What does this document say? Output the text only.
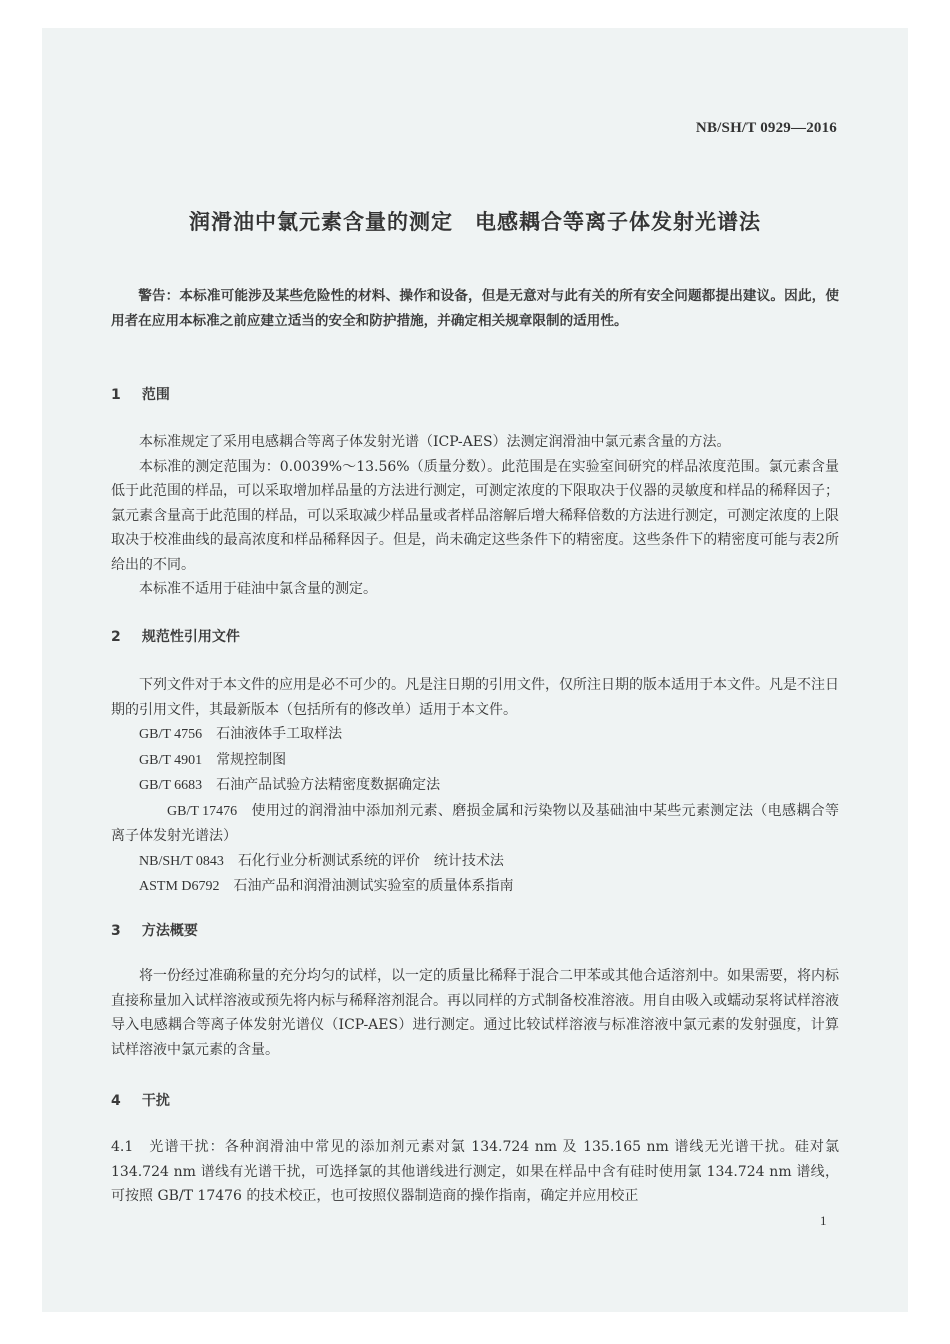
NB/SH/T 0929—2016
润滑油中氯元素含量的测定　电感耦合等离子体发射光谱法

警告：本标准可能涉及某些危险性的材料、操作和设备，但是无意对与此有关的所有安全问题都提出建议。因此，使用者在应用本标准之前应建立适当的安全和防护措施，并确定相关规章限制的适用性。

1 范围

本标准规定了采用电感耦合等离子体发射光谱（ICP-AES）法测定润滑油中氯元素含量的方法。

本标准的测定范围为：0.0039%～13.56%（质量分数）。此范围是在实验室间研究的样品浓度范围。氯元素含量低于此范围的样品，可以采取增加样品量的方法进行测定，可测定浓度的下限取决于仪器的灵敏度和样品的稀释因子；氯元素含量高于此范围的样品，可以采取减少样品量或者样品溶解后增大稀释倍数的方法进行测定，可测定浓度的上限取决于校准曲线的最高浓度和样品稀释因子。但是，尚未确定这些条件下的精密度。这些条件下的精密度可能与表2所给出的不同。

本标准不适用于硅油中氯含量的测定。

2 规范性引用文件

下列文件对于本文件的应用是必不可少的。凡是注日期的引用文件，仅所注日期的版本适用于本文件。凡是不注日期的引用文件，其最新版本（包括所有的修改单）适用于本文件。

GB/T 4756 石油液体手工取样法

GB/T 4901 常规控制图

GB/T 6683 石油产品试验方法精密度数据确定法

GB/T 17476 使用过的润滑油中添加剂元素、磨损金属和污染物以及基础油中某些元素测定法（电感耦合等离子体发射光谱法）

NB/SH/T 0843 石化行业分析测试系统的评价　统计技术法

ASTM D6792 石油产品和润滑油测试实验室的质量体系指南

3 方法概要

将一份经过准确称量的充分均匀的试样，以一定的质量比稀释于混合二甲苯或其他合适溶剂中。如果需要，将内标直接称量加入试样溶液或预先将内标与稀释溶剂混合。再以同样的方式制备校准溶液。用自由吸入或蠕动泵将试样溶液导入电感耦合等离子体发射光谱仪（ICP-AES）进行测定。通过比较试样溶液与标准溶液中氯元素的发射强度，计算试样溶液中氯元素的含量。

4 干扰

4.1　光谱干扰：各种润滑油中常见的添加剂元素对氯 134.724 nm 及 135.165 nm 谱线无光谱干扰。硅对氯 134.724 nm 谱线有光谱干扰，可选择氯的其他谱线进行测定，如果在样品中含有硅时使用氯 134.724 nm 谱线，可按照 GB/T 17476 的技术校正，也可按照仪器制造商的操作指南，确定并应用校正

1
